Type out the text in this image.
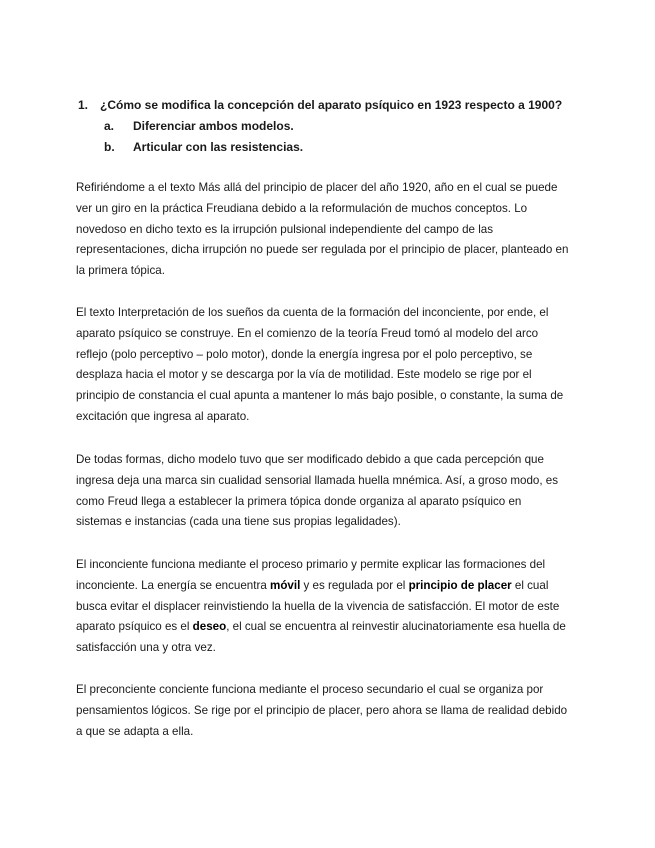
1. ¿Cómo se modifica la concepción del aparato psíquico en 1923 respecto a 1900?
a. Diferenciar ambos modelos.
b. Articular con las resistencias.
Refiriéndome a el texto Más allá del principio de placer del año 1920, año en el cual se puede
ver un giro en la práctica Freudiana debido a la reformulación de muchos conceptos. Lo
novedoso en dicho texto es la irrupción pulsional independiente del campo de las
representaciones, dicha irrupción no puede ser regulada por el principio de placer, planteado en
la primera tópica.
El texto Interpretación de los sueños da cuenta de la formación del inconciente, por ende, el
aparato psíquico se construye. En el comienzo de la teoría Freud tomó al modelo del arco
reflejo (polo perceptivo – polo motor), donde la energía ingresa por el polo perceptivo, se
desplaza hacia el motor y se descarga por la vía de motilidad. Este modelo se rige por el
principio de constancia el cual apunta a mantener lo más bajo posible, o constante, la suma de
excitación que ingresa al aparato.
De todas formas, dicho modelo tuvo que ser modificado debido a que cada percepción que
ingresa deja una marca sin cualidad sensorial llamada huella mnémica. Así, a groso modo, es
como Freud llega a establecer la primera tópica donde organiza al aparato psíquico en
sistemas e instancias (cada una tiene sus propias legalidades).
El inconciente funciona mediante el proceso primario y permite explicar las formaciones del
inconciente. La energía se encuentra móvil y es regulada por el principio de placer el cual
busca evitar el displacer reinvistiendo la huella de la vivencia de satisfacción. El motor de este
aparato psíquico es el deseo, el cual se encuentra al reinvestir alucinatoriamente esa huella de
satisfacción una y otra vez.
El preconciente conciente funciona mediante el proceso secundario el cual se organiza por
pensamientos lógicos. Se rige por el principio de placer, pero ahora se llama de realidad debido
a que se adapta a ella.
